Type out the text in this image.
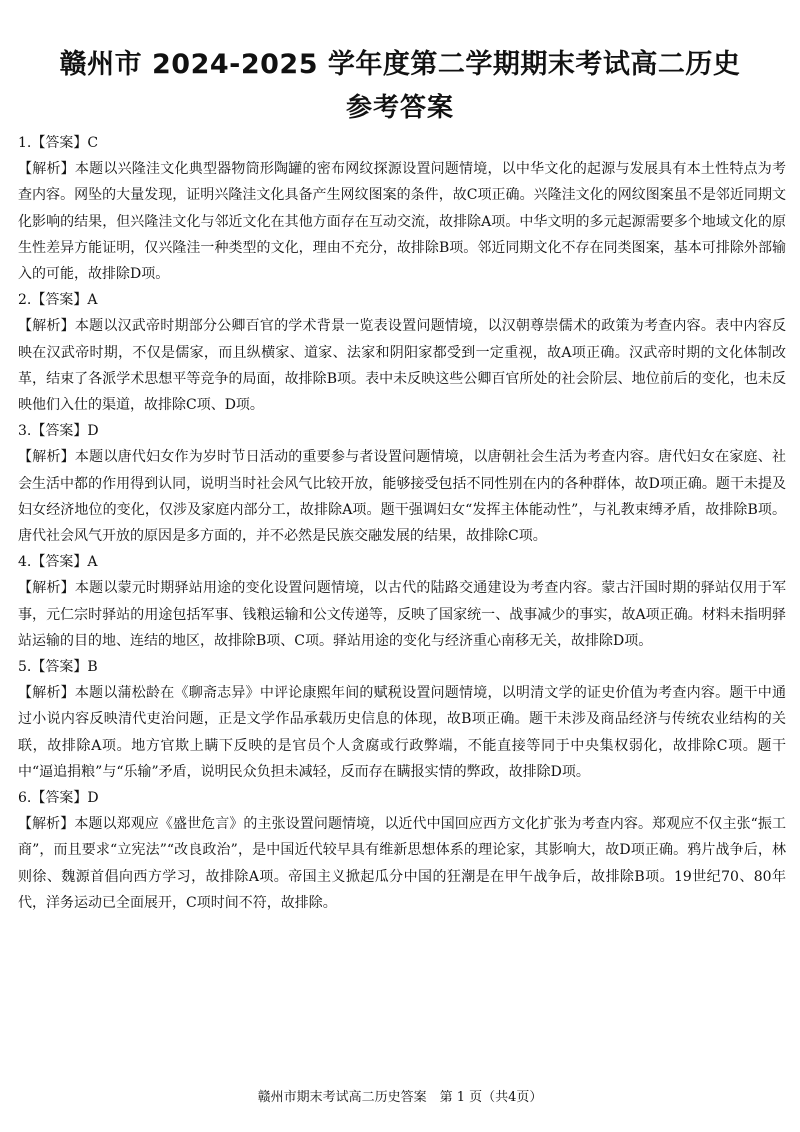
赣州市 2024-2025 学年度第二学期期末考试高二历史
参考答案
1.【答案】C
【解析】本题以兴隆洼文化典型器物筒形陶罐的密布网纹探源设置问题情境，以中华文化的起源与发展具有本土性特点为考查内容。网坠的大量发现，证明兴隆洼文化具备产生网纹图案的条件，故C项正确。兴隆洼文化的网纹图案虽不是邻近同期文化影响的结果，但兴隆洼文化与邻近文化在其他方面存在互动交流，故排除A项。中华文明的多元起源需要多个地域文化的原生性差异方能证明，仅兴隆洼一种类型的文化，理由不充分，故排除B项。邻近同期文化不存在同类图案，基本可排除外部输入的可能，故排除D项。
2.【答案】A
【解析】本题以汉武帝时期部分公卿百官的学术背景一览表设置问题情境，以汉朝尊崇儒术的政策为考查内容。表中内容反映在汉武帝时期，不仅是儒家，而且纵横家、道家、法家和阴阳家都受到一定重视，故A项正确。汉武帝时期的文化体制改革，结束了各派学术思想平等竞争的局面，故排除B项。表中未反映这些公卿百官所处的社会阶层、地位前后的变化，也未反映他们入仕的渠道，故排除C项、D项。
3.【答案】D
【解析】本题以唐代妇女作为岁时节日活动的重要参与者设置问题情境，以唐朝社会生活为考查内容。唐代妇女在家庭、社会生活中都的作用得到认同，说明当时社会风气比较开放，能够接受包括不同性别在内的各种群体，故D项正确。题干未提及妇女经济地位的变化，仅涉及家庭内部分工，故排除A项。题干强调妇女“发挥主体能动性”，与礼教束缚矛盾，故排除B项。唐代社会风气开放的原因是多方面的，并不必然是民族交融发展的结果，故排除C项。
4.【答案】A
【解析】本题以蒙元时期驿站用途的变化设置问题情境，以古代的陆路交通建设为考查内容。蒙古汗国时期的驿站仅用于军事，元仁宗时驿站的用途包括军事、钱粮运输和公文传递等，反映了国家统一、战事减少的事实，故A项正确。材料未指明驿站运输的目的地、连结的地区，故排除B项、C项。驿站用途的变化与经济重心南移无关，故排除D项。
5.【答案】B
【解析】本题以蒲松龄在《聊斋志异》中评论康熙年间的赋税设置问题情境，以明清文学的证史价值为考查内容。题干中通过小说内容反映清代吏治问题，正是文学作品承载历史信息的体现，故B项正确。题干未涉及商品经济与传统农业结构的关联，故排除A项。地方官欺上瞒下反映的是官员个人贪腐或行政弊端，不能直接等同于中央集权弱化，故排除C项。题干中“逼追捐粮”与“乐输”矛盾，说明民众负担未减轻，反而存在瞒报实情的弊政，故排除D项。
6.【答案】D
【解析】本题以郑观应《盛世危言》的主张设置问题情境，以近代中国回应西方文化扩张为考查内容。郑观应不仅主张“振工商”，而且要求“立宪法”“改良政治”，是中国近代较早具有维新思想体系的理论家，其影响大，故D项正确。鸦片战争后，林则徐、魏源首倡向西方学习，故排除A项。帝国主义掀起瓜分中国的狂潮是在甲午战争后，故排除B项。19世纪70、80年代，洋务运动已全面展开，C项时间不符，故排除。
赣州市期末考试高二历史答案　第 1 页（共4页）
